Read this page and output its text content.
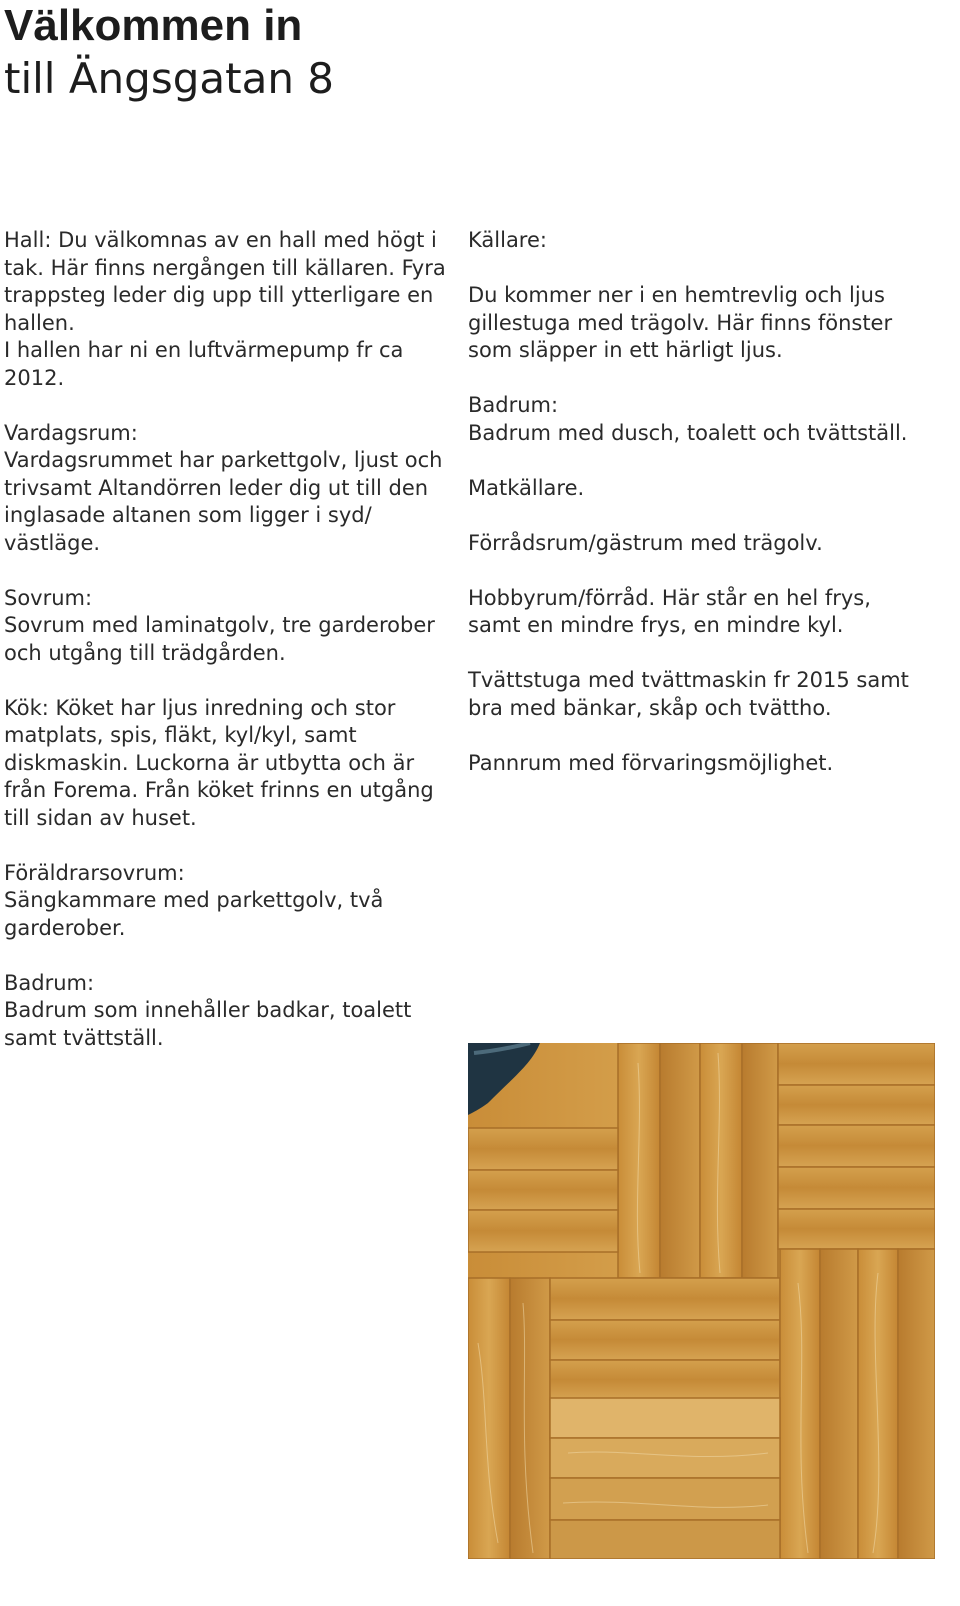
Välkommen in
till Ängsgatan 8

Hall: Du välkomnas av en hall med högt i
tak. Här finns nergången till källaren. Fyra
trappsteg leder dig upp till ytterligare en
hallen.
I hallen har ni en luftvärmepump fr ca
2012.

Vardagsrum:
Vardagsrummet har parkettgolv, ljust och
trivsamt Altandörren leder dig ut till den
inglasade altanen som ligger i syd/
västläge.

Sovrum:
Sovrum med laminatgolv, tre garderober
och utgång till trädgården.

Kök: Köket har ljus inredning och stor
matplats, spis, fläkt, kyl/kyl, samt
diskmaskin. Luckorna är utbytta och är
från Forema. Från köket frinns en utgång
till sidan av huset.

Föräldrarsovrum:
Sängkammare med parkettgolv, två
garderober.

Badrum:
Badrum som innehåller badkar, toalett
samt tvättställ.

Källare:

Du kommer ner i en hemtrevlig och ljus
gillestuga med trägolv. Här finns fönster
som släpper in ett härligt ljus.

Badrum:
Badrum med dusch, toalett och tvättställ.

Matkällare.

Förrådsrum/gästrum med trägolv.

Hobbyrum/förråd. Här står en hel frys,
samt en mindre frys, en mindre kyl.

Tvättstuga med tvättmaskin fr 2015 samt
bra med bänkar, skåp och tvättho.

Pannrum med förvaringsmöjlighet.
